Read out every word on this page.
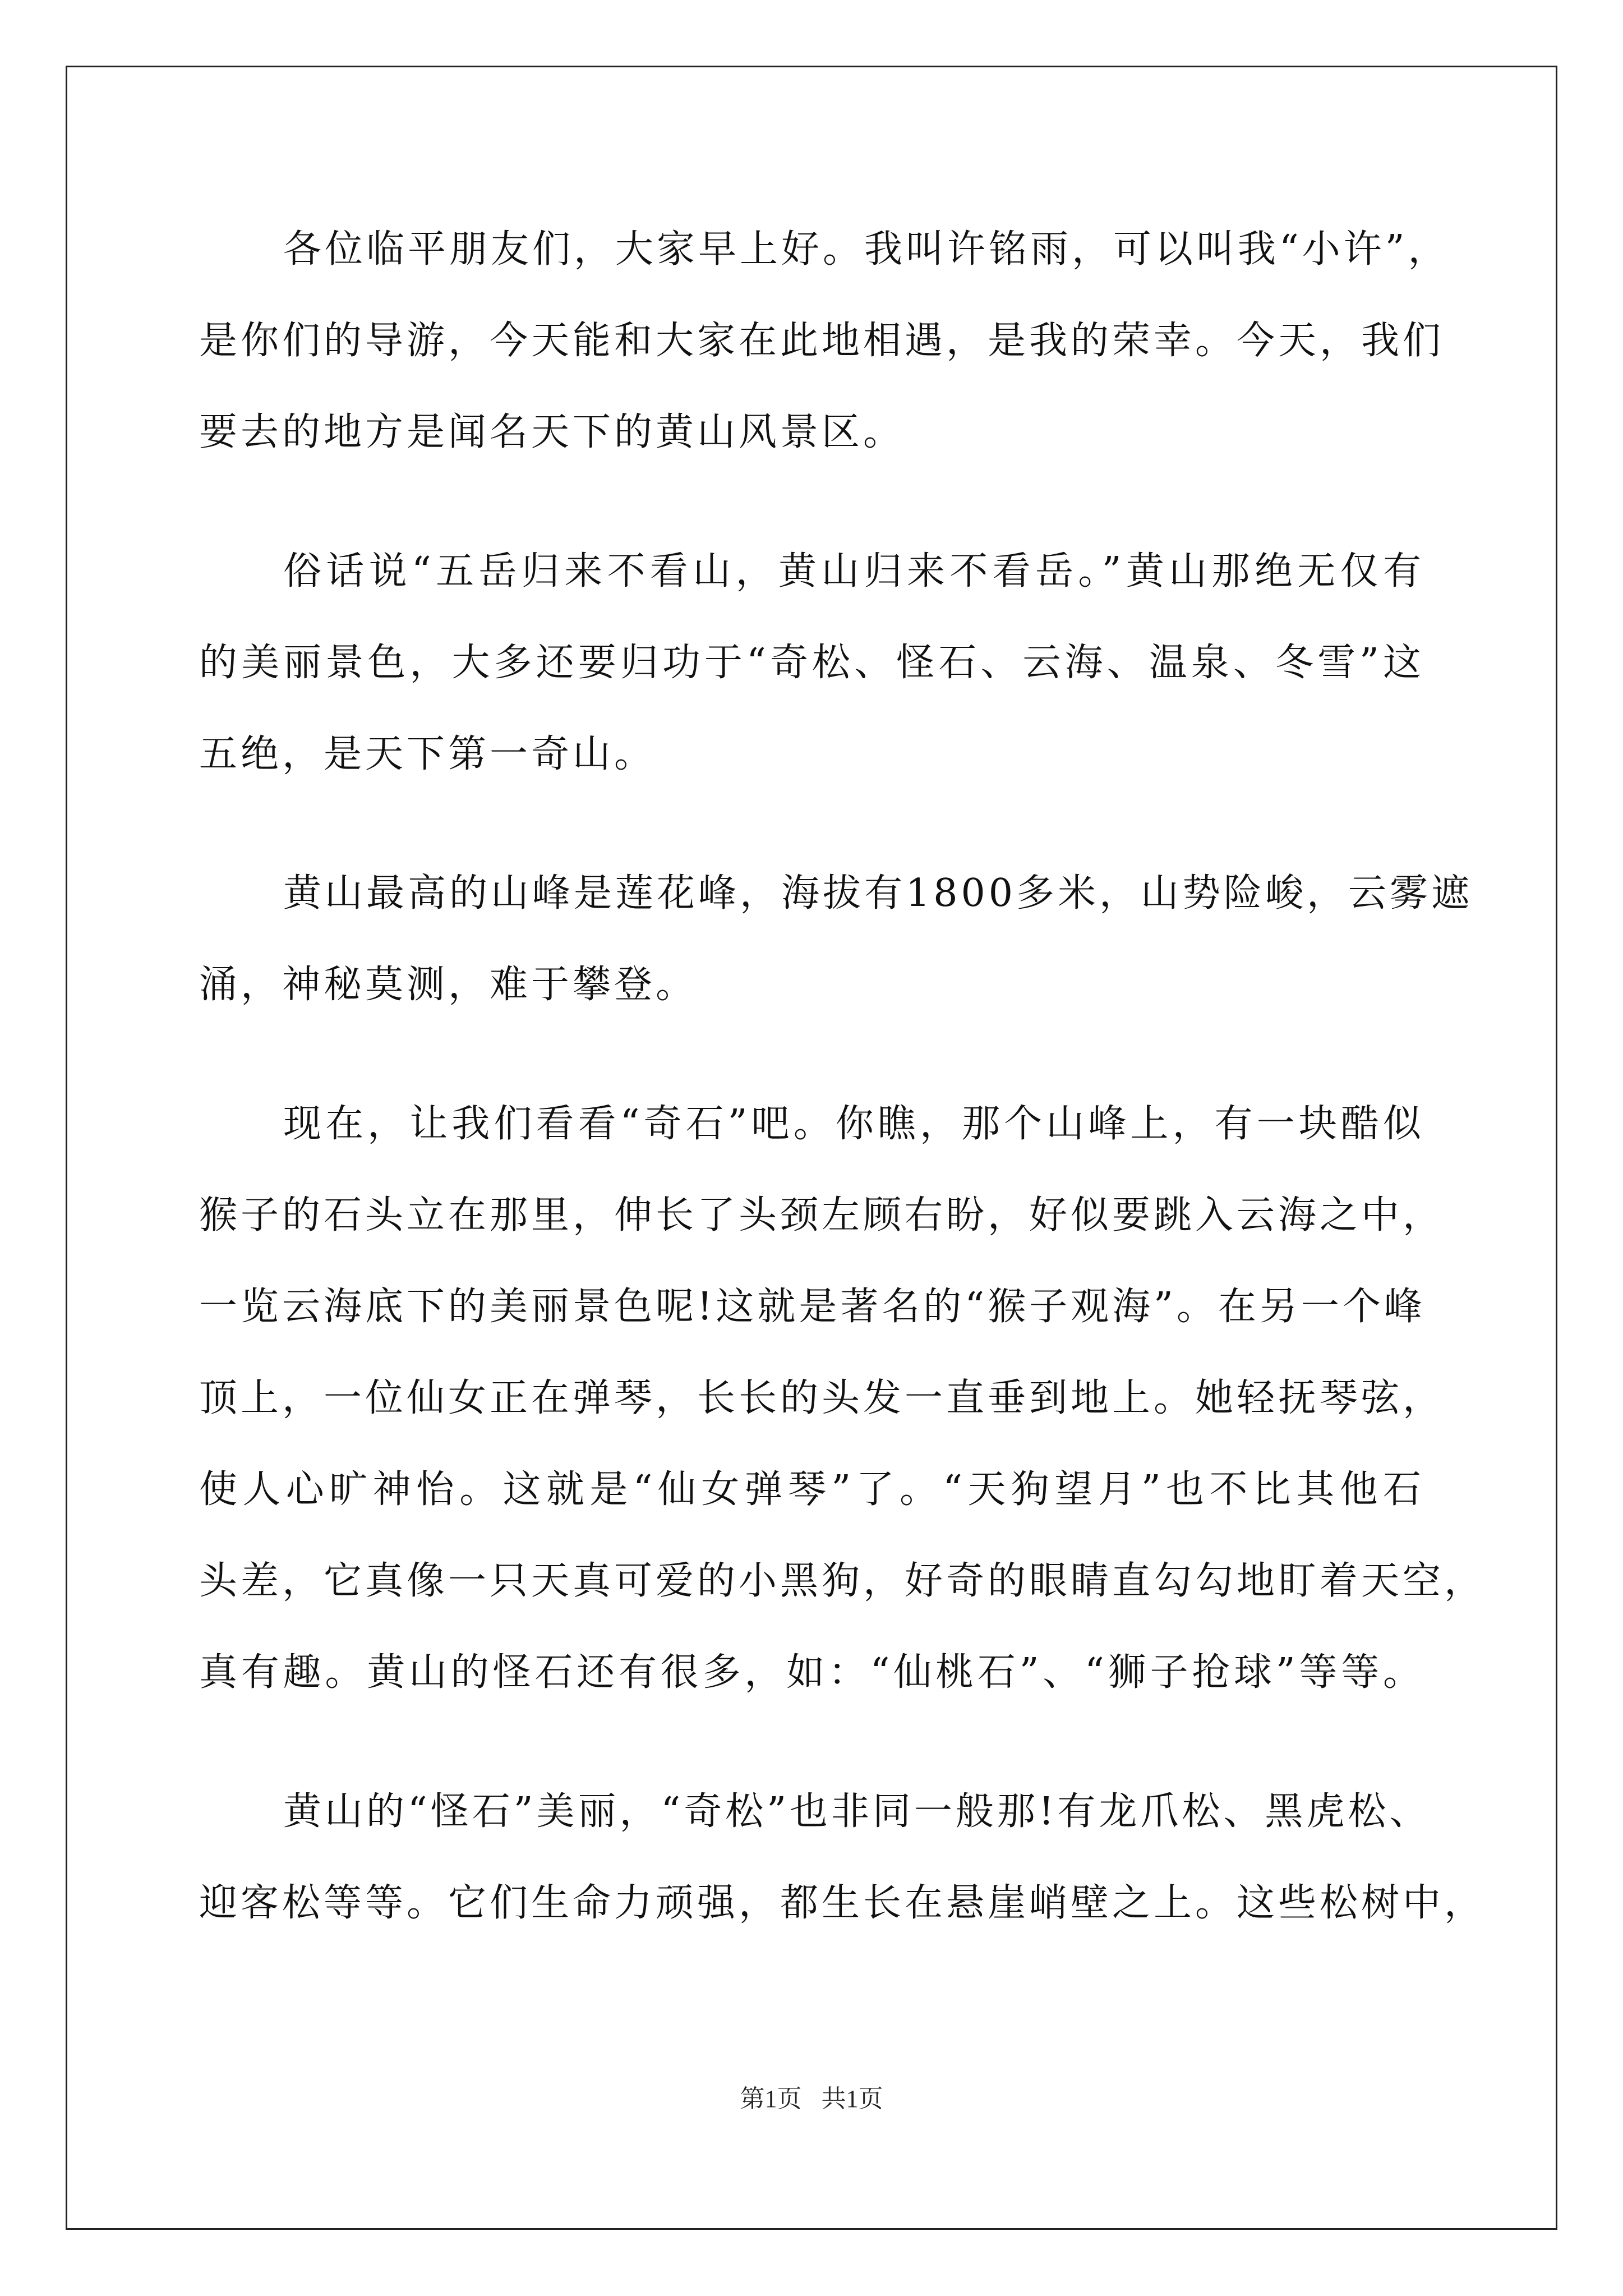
各位临平朋友们，大家早上好。我叫许铭雨，可以叫我“小许”，
是你们的导游，今天能和大家在此地相遇，是我的荣幸。今天，我们
要去的地方是闻名天下的黄山风景区。
俗话说“五岳归来不看山，黄山归来不看岳。”黄山那绝无仅有
的美丽景色，大多还要归功于“奇松、怪石、云海、温泉、冬雪”这
五绝，是天下第一奇山。
黄山最高的山峰是莲花峰，海拔有1800多米，山势险峻，云雾遮
涌，神秘莫测，难于攀登。
现在，让我们看看“奇石”吧。你瞧，那个山峰上，有一块酷似
猴子的石头立在那里，伸长了头颈左顾右盼，好似要跳入云海之中，
一览云海底下的美丽景色呢!这就是著名的“猴子观海”。在另一个峰
顶上，一位仙女正在弹琴，长长的头发一直垂到地上。她轻抚琴弦，
使人心旷神怡。这就是“仙女弹琴”了。“天狗望月”也不比其他石
头差，它真像一只天真可爱的小黑狗，好奇的眼睛直勾勾地盯着天空，
真有趣。黄山的怪石还有很多，如：“仙桃石”、“狮子抢球”等等。
黄山的“怪石”美丽，“奇松”也非同一般那!有龙爪松、黑虎松、
迎客松等等。它们生命力顽强，都生长在悬崖峭壁之上。这些松树中，
第1页 共1页
